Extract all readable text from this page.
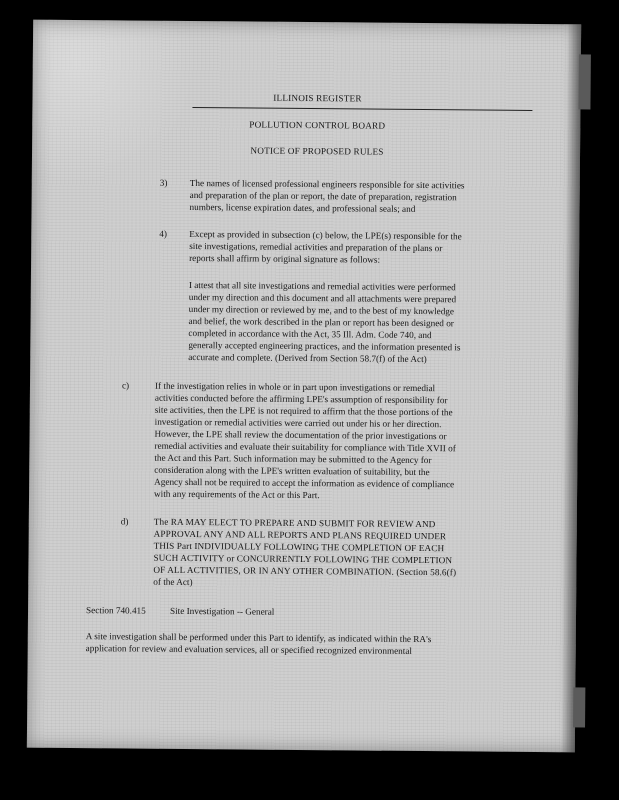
ILLINOIS REGISTER
POLLUTION CONTROL BOARD
NOTICE OF PROPOSED RULES
3) The names of licensed professional engineers responsible for site activities
and preparation of the plan or report, the date of preparation, registration
numbers, license expiration dates, and professional seals; and
4) Except as provided in subsection (c) below, the LPE(s) responsible for the
site investigations, remedial activities and preparation of the plans or
reports shall affirm by original signature as follows:
I attest that all site investigations and remedial activities were performed
under my direction and this document and all attachments were prepared
under my direction or reviewed by me, and to the best of my knowledge
and belief, the work described in the plan or report has been designed or
completed in accordance with the Act, 35 Ill. Adm. Code 740, and
generally accepted engineering practices, and the information presented is
accurate and complete. (Derived from Section 58.7(f) of the Act)
c)	If the investigation relies in whole or in part upon investigations or remedial
activities conducted before the affirming LPE's assumption of responsibility for
site activities, then the LPE is not required to affirm that the those portions of the
investigation or remedial activities were carried out under his or her direction.
However, the LPE shall review the documentation of the prior investigations or
remedial activities and evaluate their suitability for compliance with Title XVII of
the Act and this Part. Such information may be submitted to the Agency for
consideration along with the LPE's written evaluation of suitability, but the
Agency shall not be required to accept the information as evidence of compliance
with any requirements of the Act or this Part.
d)	The RA MAY ELECT TO PREPARE AND SUBMIT FOR REVIEW AND
APPROVAL ANY AND ALL REPORTS AND PLANS REQUIRED UNDER
THIS Part INDIVIDUALLY FOLLOWING THE COMPLETION OF EACH
SUCH ACTIVITY or CONCURRENTLY FOLLOWING THE COMPLETION
OF ALL ACTIVITIES, OR IN ANY OTHER COMBINATION. (Section 58.6(f)
of the Act)
Section 740.415	Site Investigation -- General
A site investigation shall be performed under this Part to identify, as indicated within the RA's
application for review and evaluation services, all or specified recognized environmental
